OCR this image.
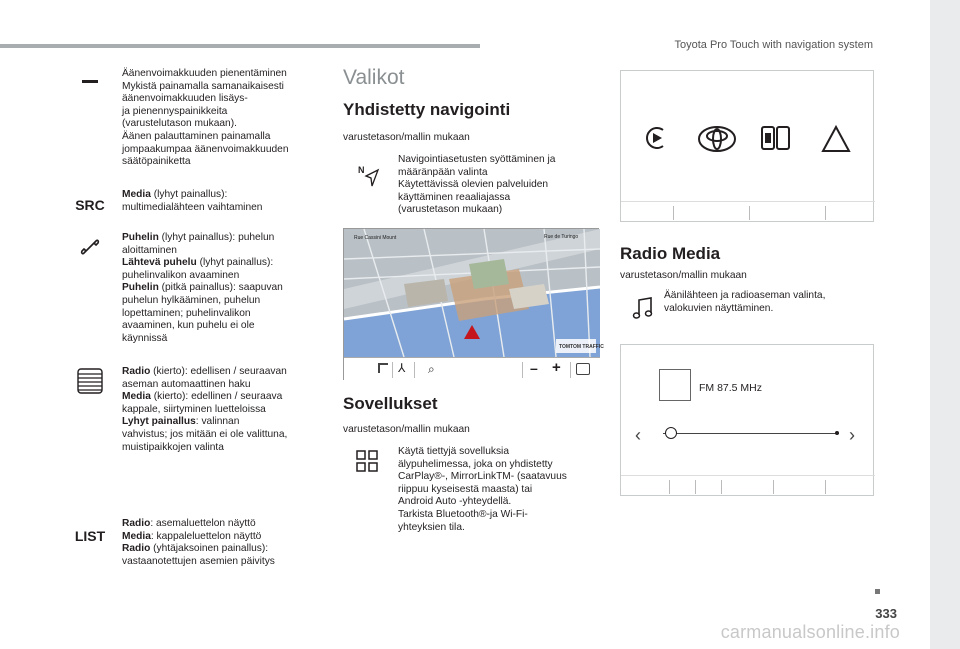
Toyota Pro Touch with navigation system
333
carmanualsonline.info
Äänenvoimakkuuden pienentäminen
Mykistä painamalla samanaikaisesti
äänenvoimakkuuden lisäys-
ja pienennyspainikkeita
(varustelutason mukaan).
Äänen palauttaminen painamalla
jompaakumpaa äänenvoimakkuuden
säätöpainiketta
SRC
Media (lyhyt painallus):
multimedialähteen vaihtaminen
Puhelin (lyhyt painallus): puhelun
aloittaminen
Lähtevä puhelu (lyhyt painallus):
puhelinvalikon avaaminen
Puhelin (pitkä painallus): saapuvan
puhelun hylkääminen, puhelun
lopettaminen; puhelinvalikon
avaaminen, kun puhelu ei ole
käynnissä
Radio (kierto): edellisen / seuraavan
aseman automaattinen haku
Media (kierto): edellinen / seuraava
kappale, siirtyminen luetteloissa
Lyhyt painallus: valinnan
vahvistus; jos mitään ei ole valittuna,
muistipaikkojen valinta
LIST
Radio: asemaluettelon näyttö
Media: kappaleluettelon näyttö
Radio (yhtäjaksoinen painallus):
vastaanotettujen asemien päivitys
Valikot
Yhdistetty navigointi
varustetason/mallin mukaan
N
Navigointiasetusten syöttäminen ja
määränpään valinta
Käytettävissä olevien palveluiden
käyttäminen reaaliajassa
(varustetason mukaan)
Rue Cassini Mount	Rue de Turingo
TOMTOM TRAFFIC
⅄ ⌕	– +
Sovellukset
varustetason/mallin mukaan
Käytä tiettyjä sovelluksia
älypuhelimessa, joka on yhdistetty
CarPlay®-, MirrorLinkTM- (saatavuus
riippuu kyseisestä maasta) tai
Android Auto -yhteydellä.
Tarkista Bluetooth®-ja Wi-Fi-
yhteyksien tila.
Radio Media
varustetason/mallin mukaan
Äänilähteen ja radioaseman valinta,
valokuvien näyttäminen.
FM 87.5 MHz
‹	›
